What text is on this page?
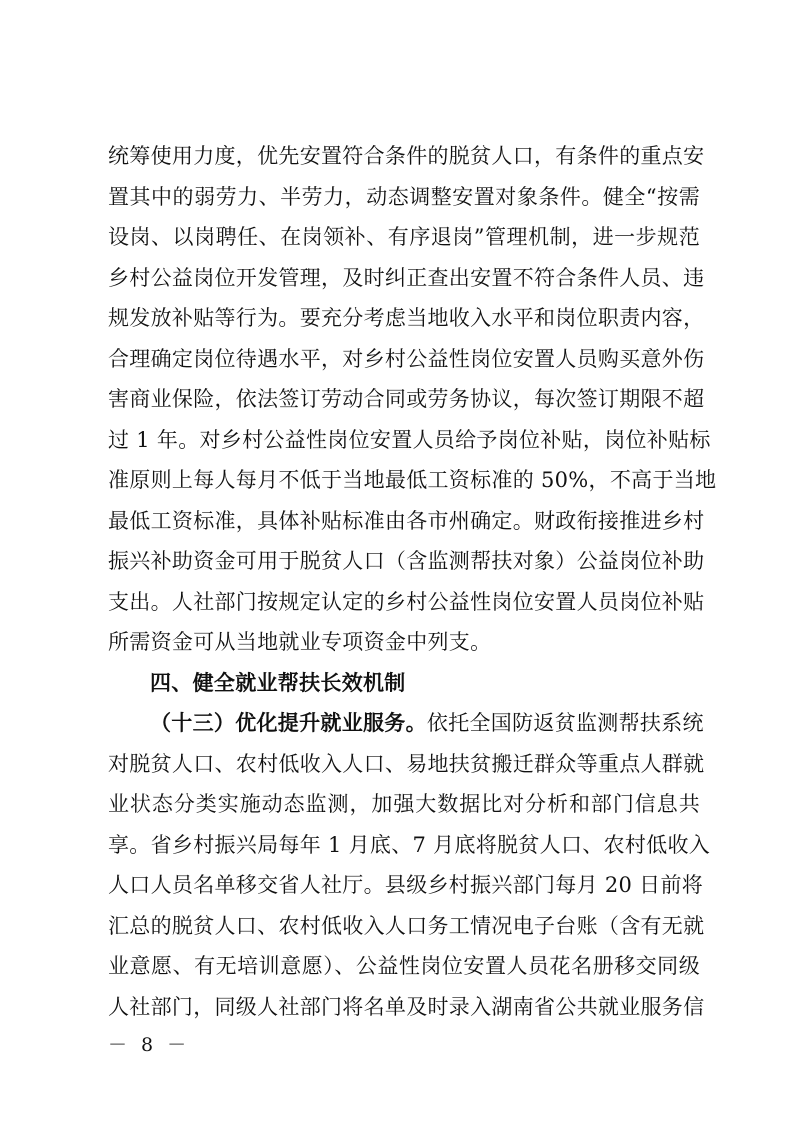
统筹使用力度，优先安置符合条件的脱贫人口，有条件的重点安
置其中的弱劳力、半劳力，动态调整安置对象条件。健全“按需
设岗、以岗聘任、在岗领补、有序退岗”管理机制，进一步规范
乡村公益岗位开发管理，及时纠正查出安置不符合条件人员、违
规发放补贴等行为。要充分考虑当地收入水平和岗位职责内容，
合理确定岗位待遇水平，对乡村公益性岗位安置人员购买意外伤
害商业保险，依法签订劳动合同或劳务协议，每次签订期限不超
过 1 年。对乡村公益性岗位安置人员给予岗位补贴，岗位补贴标
准原则上每人每月不低于当地最低工资标准的 50%，不高于当地
最低工资标准，具体补贴标准由各市州确定。财政衔接推进乡村
振兴补助资金可用于脱贫人口（含监测帮扶对象）公益岗位补助
支出。人社部门按规定认定的乡村公益性岗位安置人员岗位补贴
所需资金可从当地就业专项资金中列支。
四、健全就业帮扶长效机制
（十三）优化提升就业服务。依托全国防返贫监测帮扶系统
对脱贫人口、农村低收入人口、易地扶贫搬迁群众等重点人群就
业状态分类实施动态监测，加强大数据比对分析和部门信息共
享。省乡村振兴局每年 1 月底、7 月底将脱贫人口、农村低收入
人口人员名单移交省人社厅。县级乡村振兴部门每月 20 日前将
汇总的脱贫人口、农村低收入人口务工情况电子台账（含有无就
业意愿、有无培训意愿）、公益性岗位安置人员花名册移交同级
人社部门，同级人社部门将名单及时录入湖南省公共就业服务信
－ 8 －
